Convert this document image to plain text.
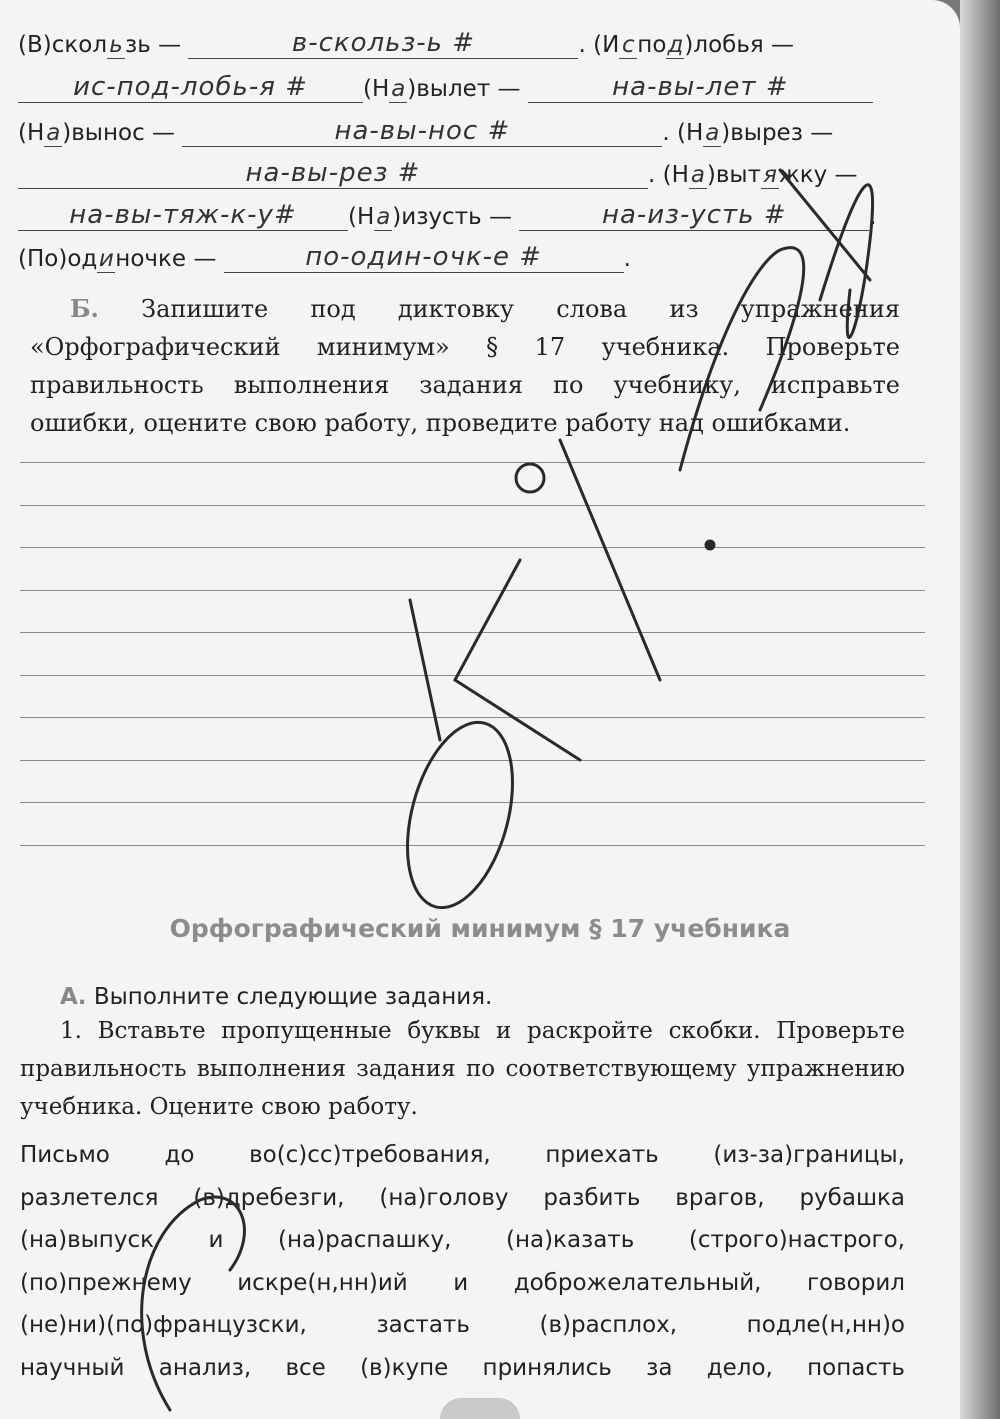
(В)скользь —	в-скольз-ь #	. (И с под)лобья —
ис-под-лобь-я # (На)вылет —	на-вы-лет #
(На)вынос —	на-вы-нос #	. (На)вырез —
на-вы-рез #	. (На)вытяжку —
на-вы-тяж-к-у# (На)изусть —	на-из-усть #	.
(По)одиночке —	по-один-очк-е #	.
Б. Запишите под диктовку слова из упражнения «Орфографический минимум» § 17 учебника. Проверьте правильность выполнения задания по учебнику, исправьте ошибки, оцените свою работу, проведите работу над ошибками.
Орфографический минимум § 17 учебника
А. Выполните следующие задания.
1. Вставьте пропущенные буквы и раскройте скобки. Проверьте правильность выполнения задания по соответствующему упражнению учебника. Оцените свою работу.
Письмо до во(с)сс)требования, приехать (из-за)границы,
разлетелся (в)дребезги, (на)голову разбить врагов, рубашка
(на)выпуск и (на)распашку, (на)казать (строго)настрого,
(по)прежнему искре(н,нн)ий и доброжелательный, говорил
(не)ни)(по)французски, застать (в)расплох, подле(н,нн)о
научный анализ, все (в)купе принялись за дело, попасть
